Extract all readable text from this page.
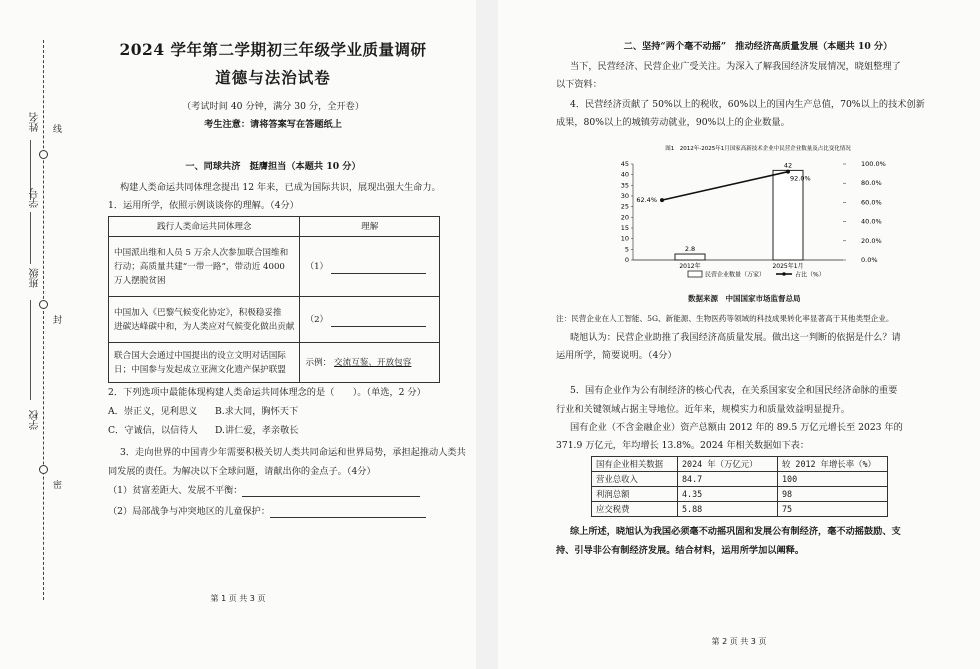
姓名
学号
班级
学校
线
封
密
2024 学年第二学期初三年级学业质量调研
道德与法治试卷
（考试时间 40 分钟，满分 30 分，全开卷）
考生注意：请将答案写在答题纸上
一、同球共济　挺膺担当（本题共 10 分）
构建人类命运共同体理念提出 12 年来，已成为国际共识，展现出强大生命力。
1．运用所学，依照示例谈谈你的理解。（4分）
践行人类命运共同体理念	理解

中国派出维和人员 5 万余人次参加联合国维和
行动；高质量共建“一带一路”，带动近 4000
万人摆脱贫困	（1）

中国加入《巴黎气候变化协定》，积极稳妥推
进碳达峰碳中和，为人类应对气候变化做出贡献	（2）

联合国大会通过中国提出的设立文明对话国际
日；中国参与发起成立亚洲文化遗产保护联盟	示例： 交流互鉴、开放包容
2．下列选项中最能体现构建人类命运共同体理念的是（　　）。（单选，2 分）
A．崇正义，见利思义 B.求大同，胸怀天下
C．守诚信，以信待人 D.讲仁爱，孝亲敬长
3．走向世界的中国青少年需要积极关切人类共同命运和世界局势，承担起推动人类共
同发展的责任。为解决以下全球问题，请献出你的金点子。（4分）
（1）贫富差距大、发展不平衡：
（2）局部战争与冲突地区的儿童保护：
第 1 页 共 3 页
二、坚持“两个毫不动摇”　推动经济高质量发展（本题共 10 分）
当下，民营经济、民营企业广受关注。为深入了解我国经济发展情况，晓姐整理了
以下资料：
4．民营经济贡献了 50%以上的税收，60%以上的国内生产总值，70%以上的技术创新
成果，80%以上的城镇劳动就业，90%以上的企业数量。
图1　2012年-2025年1月国家高新技术企业中民营企业数量及占比变化情况
45
40
35
30
25
20
15
10
5
0
100.0%
80.0%
60.0%
40.0%
20.0%
0.0%
2.8
2012年
42
2025年1月
62.4%
92.0%
民营企业数量（万家）	占比（%）
数据来源　中国国家市场监督总局
注：民营企业在人工智能、5G、新能源、生物医药等领域的科技成果转化率显著高于其他类型企业。
晓旭认为：民营企业助推了我国经济高质量发展。做出这一判断的依据是什么？请
运用所学，简要说明。（4分）
5．国有企业作为公有制经济的核心代表，在关系国家安全和国民经济命脉的重要
行业和关键领域占据主导地位。近年来，规模实力和质量效益明显提升。
国有企业（不含金融企业）资产总额由 2012 年的 89.5 万亿元增长至 2023 年的
371.9 万亿元，年均增长 13.8%。2024 年相关数据如下表：
国有企业相关数据	2024 年（万亿元）	较 2012 年增长率（%）
营业总收入	84.7	100
利润总额	4.35	98
应交税费	5.88	75
综上所述，晓旭认为我国必须毫不动摇巩固和发展公有制经济，毫不动摇鼓励、支
持、引导非公有制经济发展。结合材料，运用所学加以阐释。
第 2 页 共 3 页
